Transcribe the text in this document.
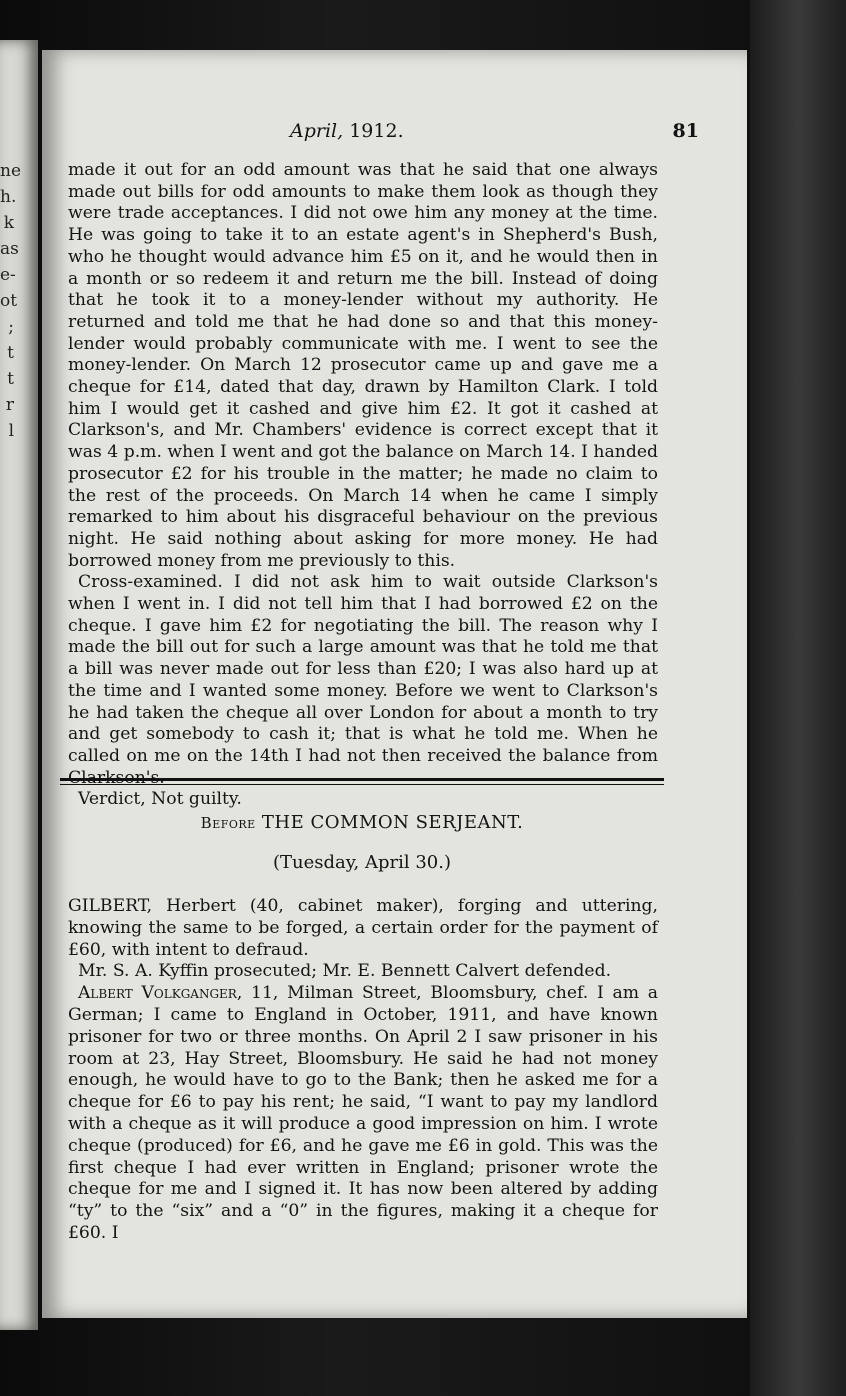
ne
h.
k
as
e-
ot
;
t
t
r
l
April, 1912.	81

made it out for an odd amount was that he said that one always made out bills for odd amounts to make them look as though they were trade acceptances. I did not owe him any money at the time. He was going to take it to an estate agent's in Shepherd's Bush, who he thought would advance him £5 on it, and he would then in a month or so redeem it and return me the bill. Instead of doing that he took it to a money-lender without my authority. He returned and told me that he had done so and that this money-lender would probably communicate with me. I went to see the money-lender. On March 12 prosecutor came up and gave me a cheque for £14, dated that day, drawn by Hamilton Clark. I told him I would get it cashed and give him £2. It got it cashed at Clarkson's, and Mr. Chambers' evidence is correct except that it was 4 p.m. when I went and got the balance on March 14. I handed prosecutor £2 for his trouble in the matter; he made no claim to the rest of the proceeds. On March 14 when he came I simply remarked to him about his disgraceful behaviour on the previous night. He said nothing about asking for more money. He had borrowed money from me previously to this.

Cross-examined. I did not ask him to wait outside Clarkson's when I went in. I did not tell him that I had borrowed £2 on the cheque. I gave him £2 for negotiating the bill. The reason why I made the bill out for such a large amount was that he told me that a bill was never made out for less than £20; I was also hard up at the time and I wanted some money. Before we went to Clarkson's he had taken the cheque all over London for about a month to try and get somebody to cash it; that is what he told me. When he called on me on the 14th I had not then received the balance from

Verdict, Not guilty.

Before THE COMMON SERJEANT.
(Tuesday, April 30.)

GILBERT, Herbert (40, cabinet maker), forging and uttering, knowing the same to be forged, a certain order for the payment of £60, with intent to defraud.

Mr. S. A. Kyffin prosecuted; Mr. E. Bennett Calvert defended.

Albert Volkganger, 11, Milman Street, Bloomsbury, chef. I am a German; I came to England in October, 1911, and have known prisoner for two or three months. On April 2 I saw prisoner in his room at 23, Hay Street, Bloomsbury. He said he had not money enough, he would have to go to the Bank; then he asked me for a cheque for £6 to pay his rent; he said, “I want to pay my landlord with a cheque as it will produce a good impression on him. I wrote cheque (produced) for £6, and he gave me £6 in gold. This was the first cheque I had ever written in England; prisoner wrote the cheque for me and I signed it. It has now been altered by adding “ty” to the “six” and a “0” in the figures, making it a cheque for £60. I
